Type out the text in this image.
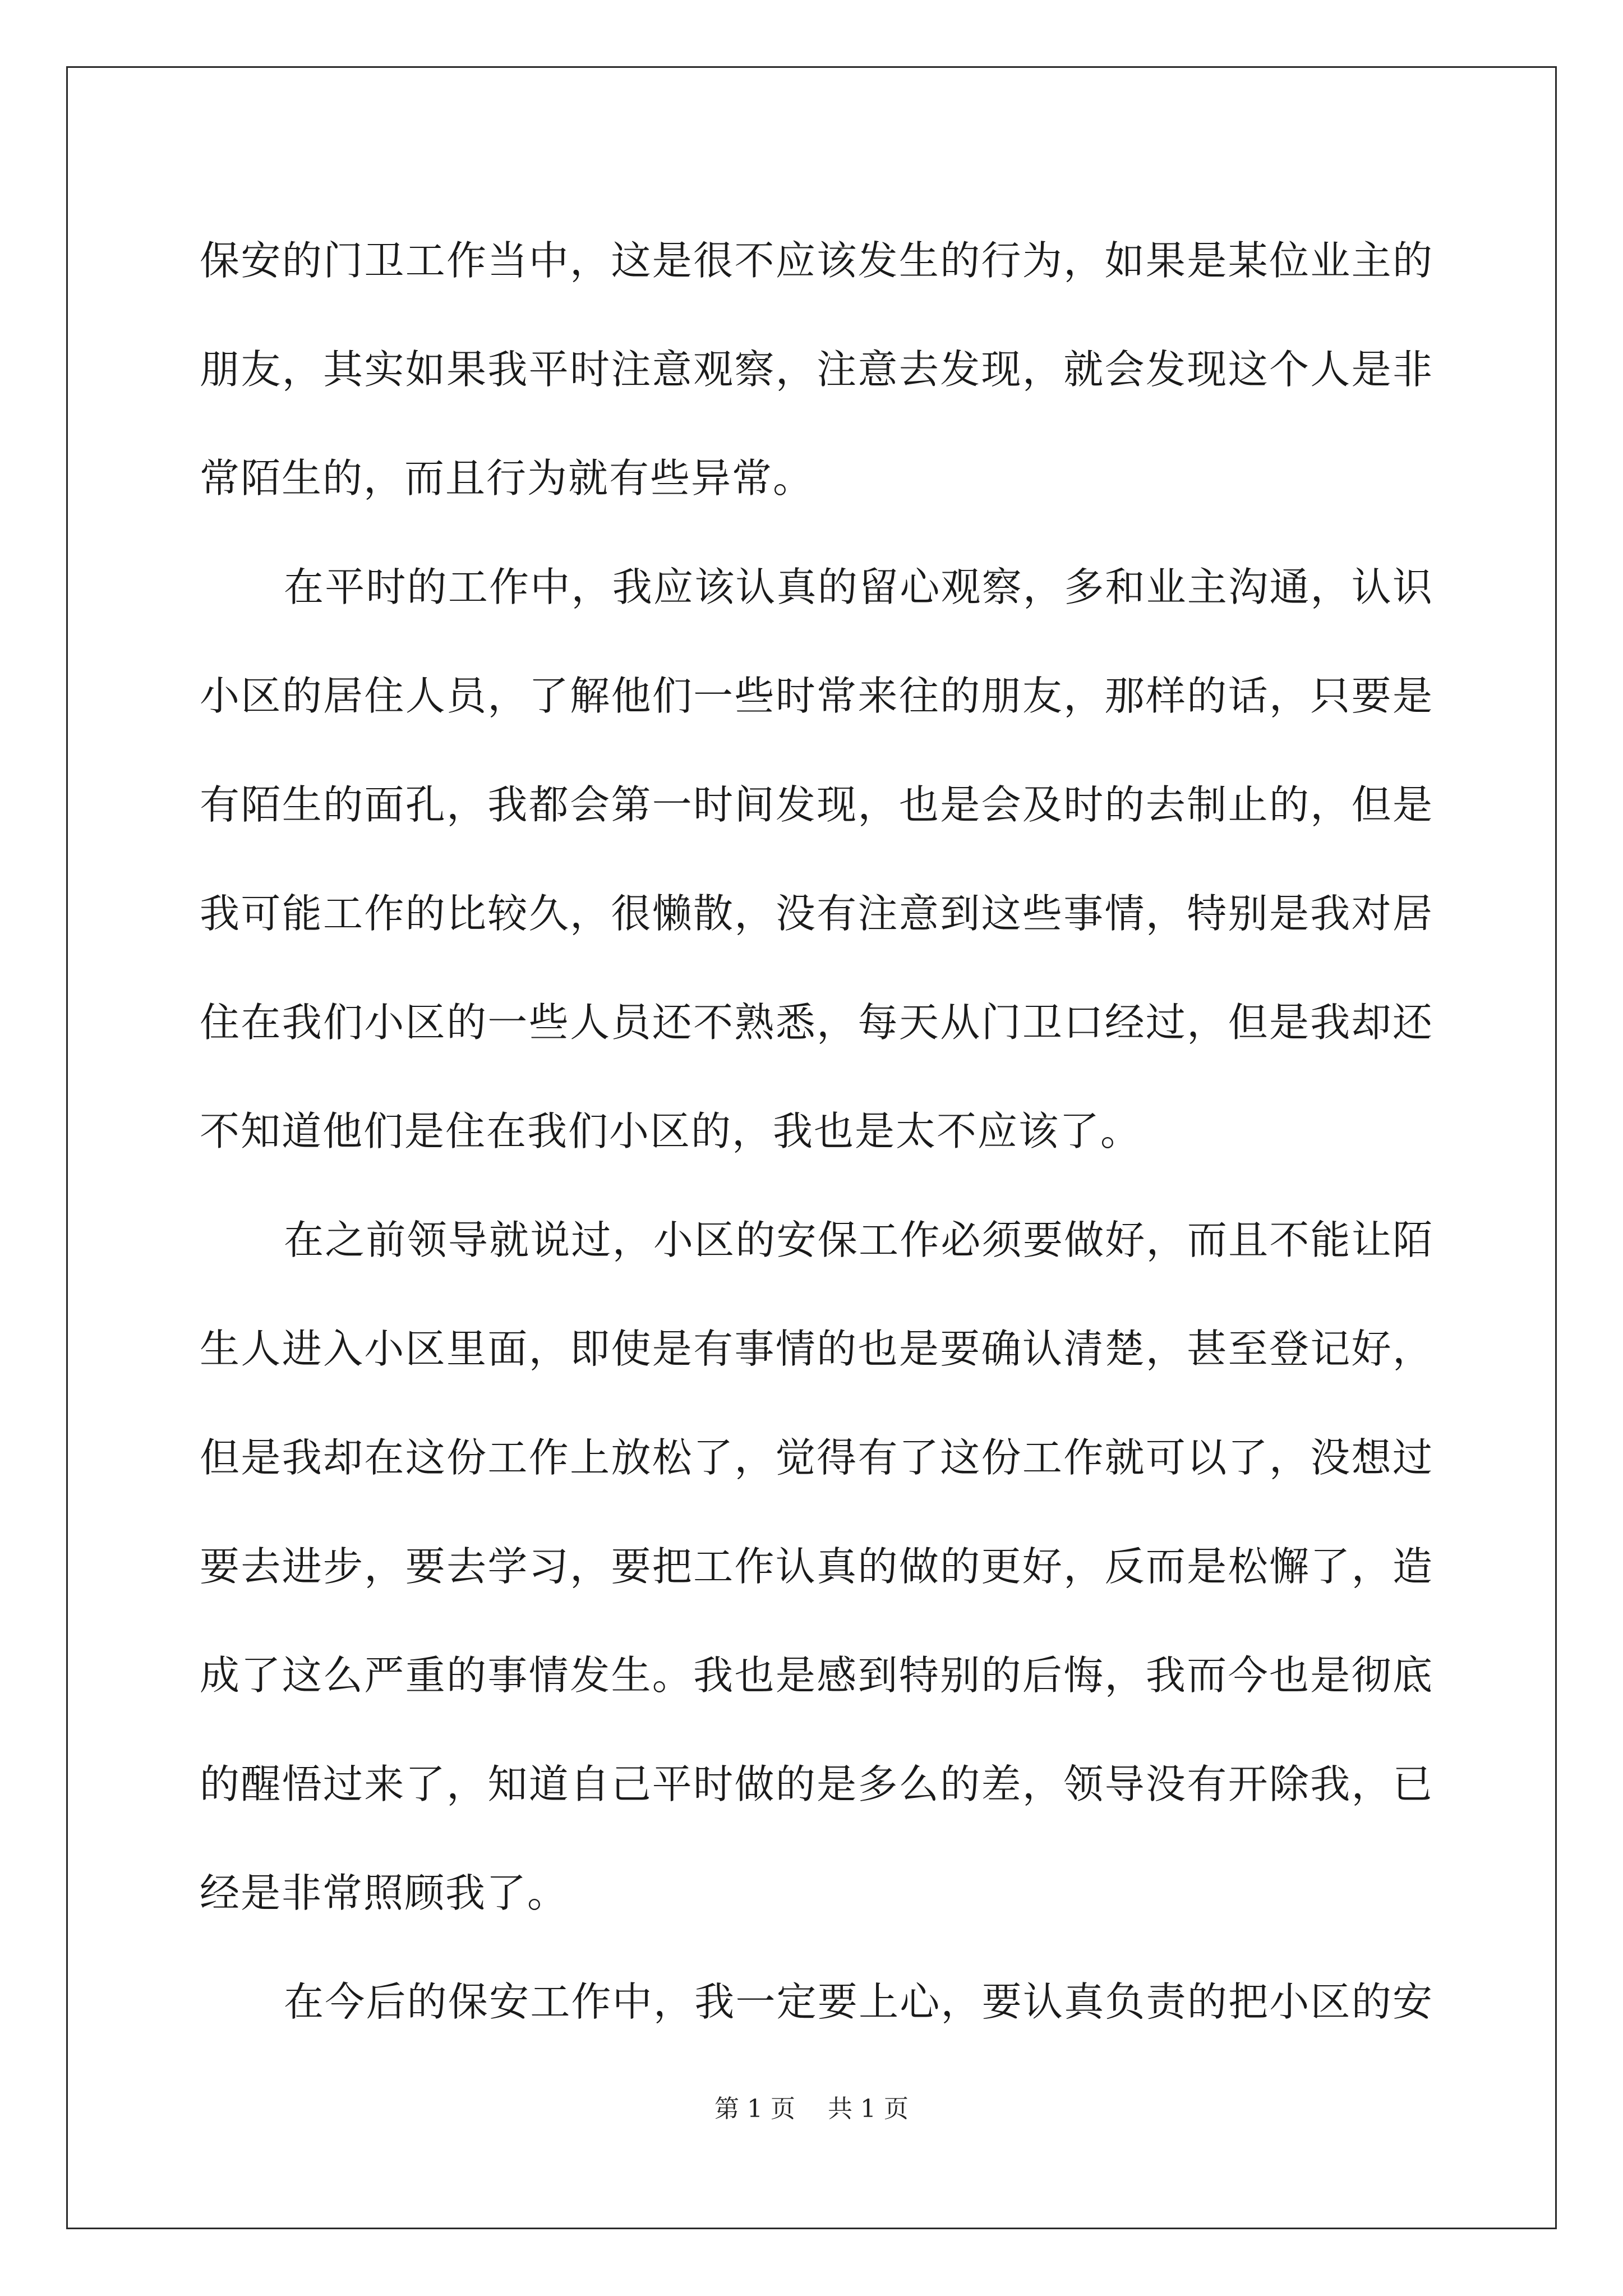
保安的门卫工作当中，这是很不应该发生的行为，如果是某位业主的
朋友，其实如果我平时注意观察，注意去发现，就会发现这个人是非
常陌生的，而且行为就有些异常。
在平时的工作中，我应该认真的留心观察，多和业主沟通，认识
小区的居住人员，了解他们一些时常来往的朋友，那样的话，只要是
有陌生的面孔，我都会第一时间发现，也是会及时的去制止的，但是
我可能工作的比较久，很懒散，没有注意到这些事情，特别是我对居
住在我们小区的一些人员还不熟悉，每天从门卫口经过，但是我却还
不知道他们是住在我们小区的，我也是太不应该了。
在之前领导就说过，小区的安保工作必须要做好，而且不能让陌
生人进入小区里面，即使是有事情的也是要确认清楚，甚至登记好，
但是我却在这份工作上放松了，觉得有了这份工作就可以了，没想过
要去进步，要去学习，要把工作认真的做的更好，反而是松懈了，造
成了这么严重的事情发生。我也是感到特别的后悔，我而今也是彻底
的醒悟过来了，知道自己平时做的是多么的差，领导没有开除我，已
经是非常照顾我了。
在今后的保安工作中，我一定要上心，要认真负责的把小区的安
第 1 页 共 1 页
